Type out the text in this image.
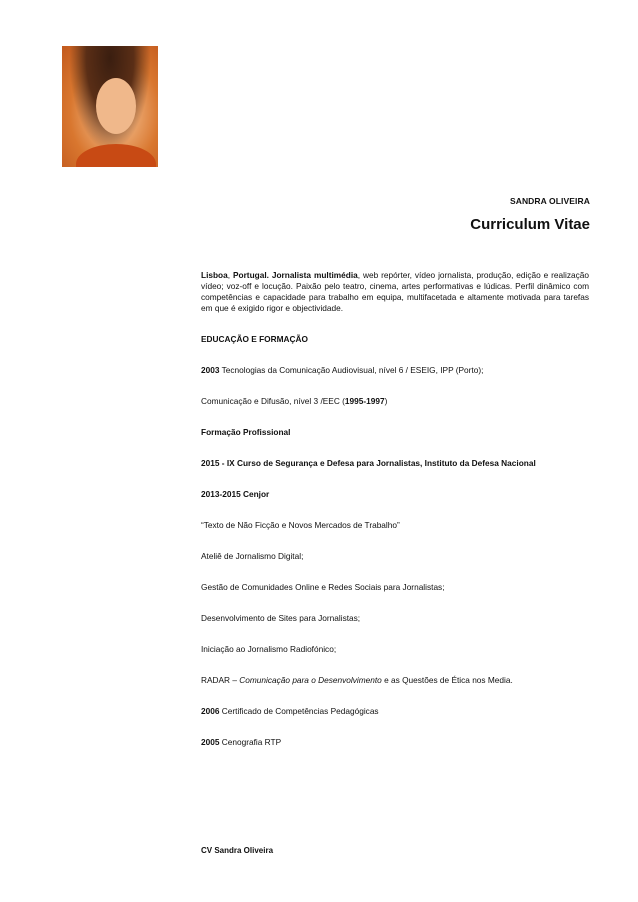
SANDRA OLIVEIRA
Curriculum Vitae
Lisboa, Portugal. Jornalista multimédia, web repórter, vídeo jornalista, produção, edição e realização vídeo; voz-off e locução. Paixão pelo teatro, cinema, artes performativas e lúdicas. Perfil dinâmico com competências e capacidade para trabalho em equipa, multifacetada e altamente motivada para tarefas em que é exigido rigor e objectividade.

EDUCAÇÃO E FORMAÇÃO

2003 Tecnologias da Comunicação Audiovisual, nível 6 / ESEIG, IPP (Porto);

Comunicação e Difusão, nível 3 /EEC (1995-1997)

Formação Profissional

2015 - IX Curso de Segurança e Defesa para Jornalistas, Instituto da Defesa Nacional

2013-2015 Cenjor

“Texto de Não Ficção e Novos Mercados de Trabalho”

Ateliê de Jornalismo Digital;

Gestão de Comunidades Online e Redes Sociais para Jornalistas;

Desenvolvimento de Sites para Jornalistas;

Iniciação ao Jornalismo Radiofónico;

RADAR – Comunicação para o Desenvolvimento e as Questões de Ética nos Media.

2006 Certificado de Competências Pedagógicas

2005 Cenografia RTP

CV Sandra Oliveira
